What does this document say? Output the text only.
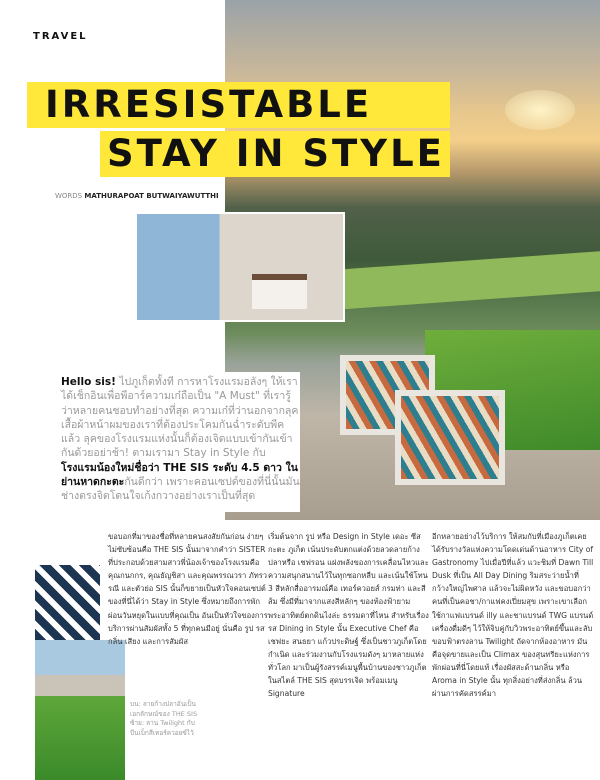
TRAVEL
IRRESISTABLE
STAY IN STYLE
WORDS MATHURAPOAT BUTWAIYAWUTTHI
Hello sis! ไปภูเก็ตทั้งที การหาโรงแรมอลังๆ ให้เราได้เช็กอินเพื่อพีอาร์ความเก๋ถือเป็น "A Must" ที่เรารู้ว่าหลายคนชอบทำอย่างที่สุด ความเก๋ที่ว่านอกจากลุคเสื้อผ้าหน้าผมของเราที่ต้องประโคมกันฉ่ำระดับพีคแล้ว ลุคของโรงแรมแห่งนั้นก็ต้องเจิดแบบเข้ากันเข้ากันด้วยอย่าช้า! ตามเรามา Stay in Style กับโรงแรมน้องใหม่ชื่อว่า THE SIS ระดับ 4.5 ดาว ในย่านหาดกะตะกันดีกว่า เพราะคอนเซปต์ของที่นี่นั้นมันช่างตรงจิตโดนใจเก้งกวางอย่างเราเป็นที่สุด
บน: ลายก้างปลาอันเป็นเอกลักษณ์ของ THE SIS ซ้าย: ลาน Twilight กับบีนเบ็กสีเทอร์ควอยซ์ไว้
ขอบอกที่มาของชื่อที่หลายคนสงสัยกันก่อน ง่ายๆ ไม่ซับซ้อนคือ THE SIS นั้นมาจากคำว่า SISTER ที่ประกอบด้วยสามสาวพี่น้องเจ้าของโรงแรมคือ คุณกนกกร, คุณธัญชิสา และคุณพรรณวรา ภัทรวรณี และตัวย่อ SIS นั้นก็ขยายเป็นหัวใจคอนเซปต์ของที่นี่ได้ว่า Stay in Style ซึ่งหมายถึงการพักผ่อนวันหยุดในแบบที่คุณเป็น อันเป็นหัวใจของการบริการผ่านสัมผัสทั้ง 5 ที่ทุกคนมีอยู่ นั่นคือ รูป รส กลิ่น เสียง และการสัมผัส
เริ่มต้นจาก รูป หรือ Design in Style เดอะ ซีส กะตะ ภูเก็ต เน้นประดับตกแต่งด้วยลวดลายก้างปลาหรือ เชฟรอน แฝงพลังของการเคลื่อนไหวและความสนุกสนานไว้ในทุกซอกหลืบ และเน้นใช้โทน 3 สีหลักสื่ออารมณ์คือ เทอร์ควอยส์ กรมท่า และสีส้ม ซึ่งมีที่มาจากแสงสีหลักๆ ของท้องฟ้ายามพระอาทิตย์ตกดินไงล่ะ ธรรมดาที่ไหน สำหรับเรื่อง รส Dining in Style นั้น Executive Chef คือเชฟยะ สนธยา แก้วประดิษฐ์ ซึ่งเป็นชาวภูเก็ตโดยกำเนิด และร่วมงานกับโรงแรมดังๆ มาหลายแห่งทั่วโลก มาเป็นผู้รังสรรค์เมนูพื้นบ้านของชาวภูเก็ตในสไตล์ THE SIS สุดบรรเจิด พร้อมเมนู Signature
อีกหลายอย่างไว้บริการ ให้สมกับที่เมืองภูเก็ตเคยได้รับรางวัลแห่งความโดดเด่นด้านอาหาร City of Gastronomy ไปเมื่อปีที่แล้ว แวะชิมที่ Dawn Till Dusk ที่เป็น All Day Dining ริมสระว่ายน้ำที่กว้างใหญ่ไพศาล แล้วจะไม่ผิดหวัง และขอบอกว่าคนที่เป็นคอชา/กาแฟคงเปี่ยมสุข เพราะเขาเลือกใช้กาแฟแบรนด์ illy และชาแบรนด์ TWG แบรนด์เครื่องดื่มดีๆ ไว้ให้จิบคู่กับวิวพระอาทิตย์ขึ้นและลับขอบฟ้าตรงลาน Twilight ถัดจากห้องอาหาร มันคือจุดขายและเป็น Climax ของสุนทรียะแห่งการพักผ่อนที่นี่โดยแท้ เรื่องผัสสะด้านกลิ่น หรือ Aroma in Style นั้น ทุกสิ่งอย่างที่ส่งกลิ่น ล้วนผ่านการคัดสรรค์มา
